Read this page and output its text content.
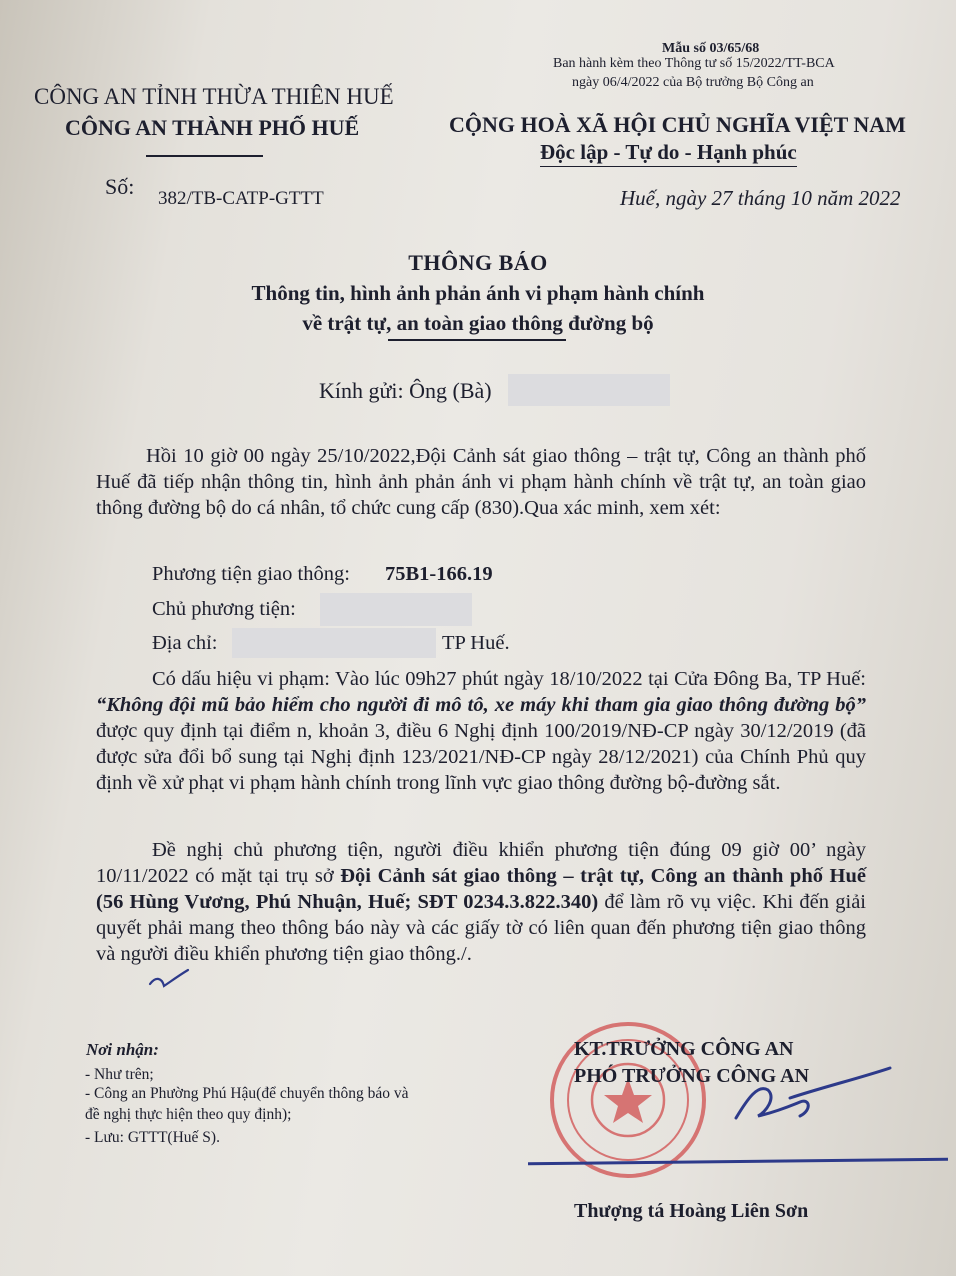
Mẫu số 03/65/68
Ban hành kèm theo Thông tư số 15/2022/TT-BCA
ngày 06/4/2022 của Bộ trưởng Bộ Công an
CÔNG AN TỈNH THỪA THIÊN HUẾ
CÔNG AN THÀNH PHỐ HUẾ	CỘNG HOÀ XÃ HỘI CHỦ NGHĨA VIỆT NAM
Độc lập - Tự do - Hạnh phúc
Số: 382/TB-CATP-GTTT	Huế, ngày 27 tháng 10 năm 2022
THÔNG BÁO
Thông tin, hình ảnh phản ánh vi phạm hành chính
về trật tự, an toàn giao thông đường bộ
Kính gửi: Ông (Bà)
Hồi 10 giờ 00 ngày 25/10/2022,Đội Cảnh sát giao thông – trật tự, Công an thành phố Huế đã tiếp nhận thông tin, hình ảnh phản ánh vi phạm hành chính về trật tự, an toàn giao thông đường bộ do cá nhân, tổ chức cung cấp (830).Qua xác minh, xem xét:
Phương tiện giao thông: 75B1-166.19
Chủ phương tiện:
Địa chỉ:	TP Huế.
Có dấu hiệu vi phạm: Vào lúc 09h27 phút ngày 18/10/2022 tại Cửa Đông Ba, TP Huế: “Không đội mũ bảo hiểm cho người đi mô tô, xe máy khi tham gia giao thông đường bộ” được quy định tại điểm n, khoản 3, điều 6 Nghị định 100/2019/NĐ-CP ngày 30/12/2019 (đã được sửa đổi bổ sung tại Nghị định 123/2021/NĐ-CP ngày 28/12/2021) của Chính Phủ quy định về xử phạt vi phạm hành chính trong lĩnh vực giao thông đường bộ-đường sắt.
Đề nghị chủ phương tiện, người điều khiển phương tiện đúng 09 giờ 00’ ngày 10/11/2022 có mặt tại trụ sở Đội Cảnh sát giao thông – trật tự, Công an thành phố Huế (56 Hùng Vương, Phú Nhuận, Huế; SĐT 0234.3.822.340) để làm rõ vụ việc. Khi đến giải quyết phải mang theo thông báo này và các giấy tờ có liên quan đến phương tiện giao thông và người điều khiển phương tiện giao thông./.
Nơi nhận:
- Như trên;
- Công an Phường Phú Hậu(để chuyển thông báo và
đề nghị thực hiện theo quy định);
- Lưu: GTTT(Huế S).
KT.TRƯỞNG CÔNG AN
PHÓ TRƯỞNG CÔNG AN
Thượng tá Hoàng Liên Sơn
